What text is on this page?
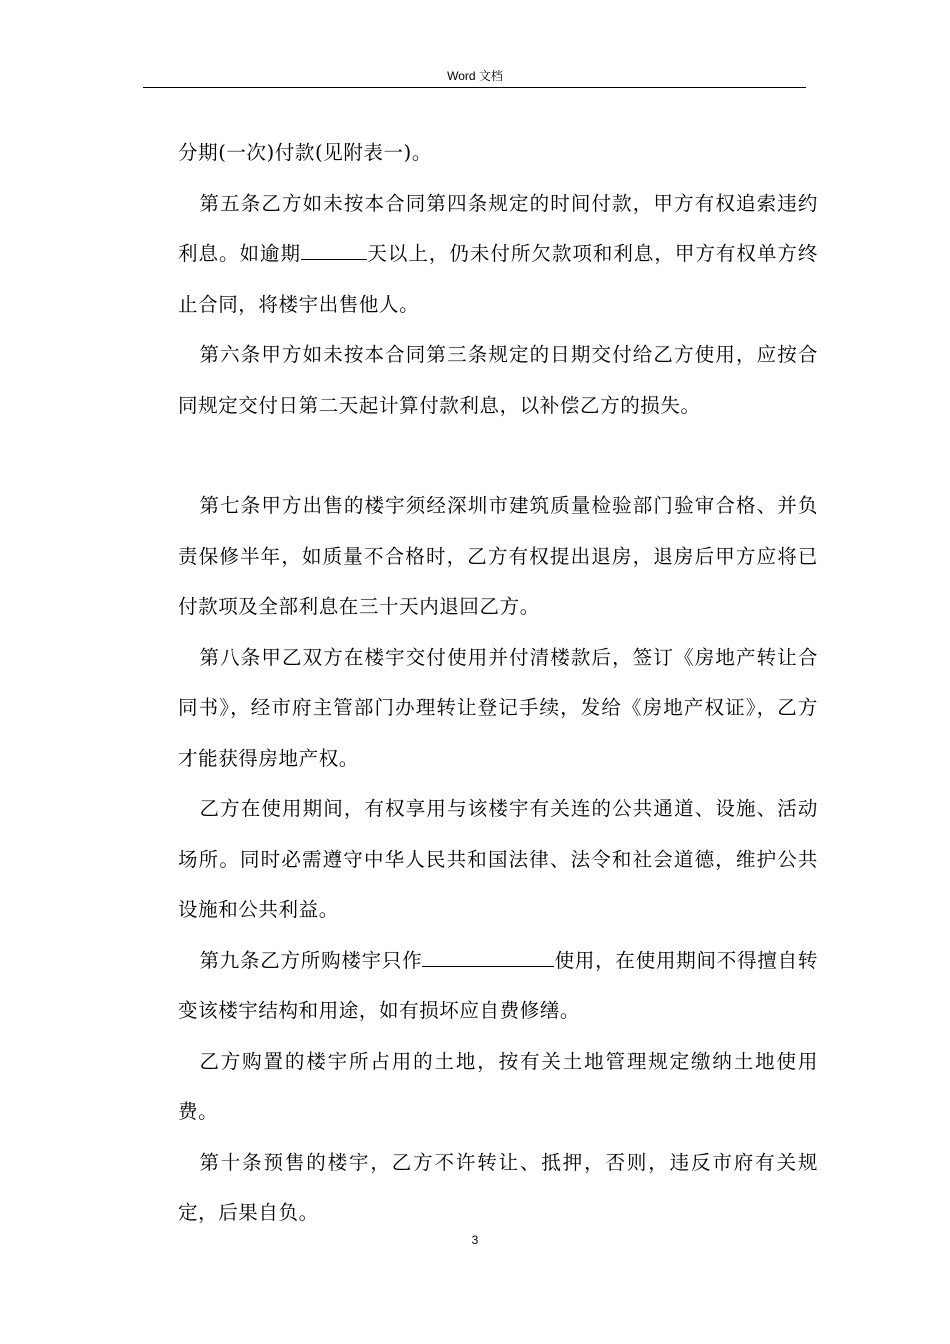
Word 文档

分期(一次)付款(见附表一)。

第五条乙方如未按本合同第四条规定的时间付款，甲方有权追索违约利息。如逾期	天以上，仍未付所欠款项和利息，甲方有权单方终止合同，将楼宇出售他人。

第六条甲方如未按本合同第三条规定的日期交付给乙方使用，应按合同规定交付日第二天起计算付款利息，以补偿乙方的损失。

第七条甲方出售的楼宇须经深圳市建筑质量检验部门验审合格、并负责保修半年，如质量不合格时，乙方有权提出退房，退房后甲方应将已付款项及全部利息在三十天内退回乙方。

第八条甲乙双方在楼宇交付使用并付清楼款后，签订《房地产转让合同书》，经市府主管部门办理转让登记手续，发给《房地产权证》，乙方才能获得房地产权。

乙方在使用期间，有权享用与该楼宇有关连的公共通道、设施、活动场所。同时必需遵守中华人民共和国法律、法令和社会道德，维护公共设施和公共利益。

第九条乙方所购楼宇只作	使用，在使用期间不得擅自转变该楼宇结构和用途，如有损坏应自费修缮。

乙方购置的楼宇所占用的土地，按有关土地管理规定缴纳土地使用费。

第十条预售的楼宇，乙方不许转让、抵押，否则，违反市府有关规定，后果自负。

3
